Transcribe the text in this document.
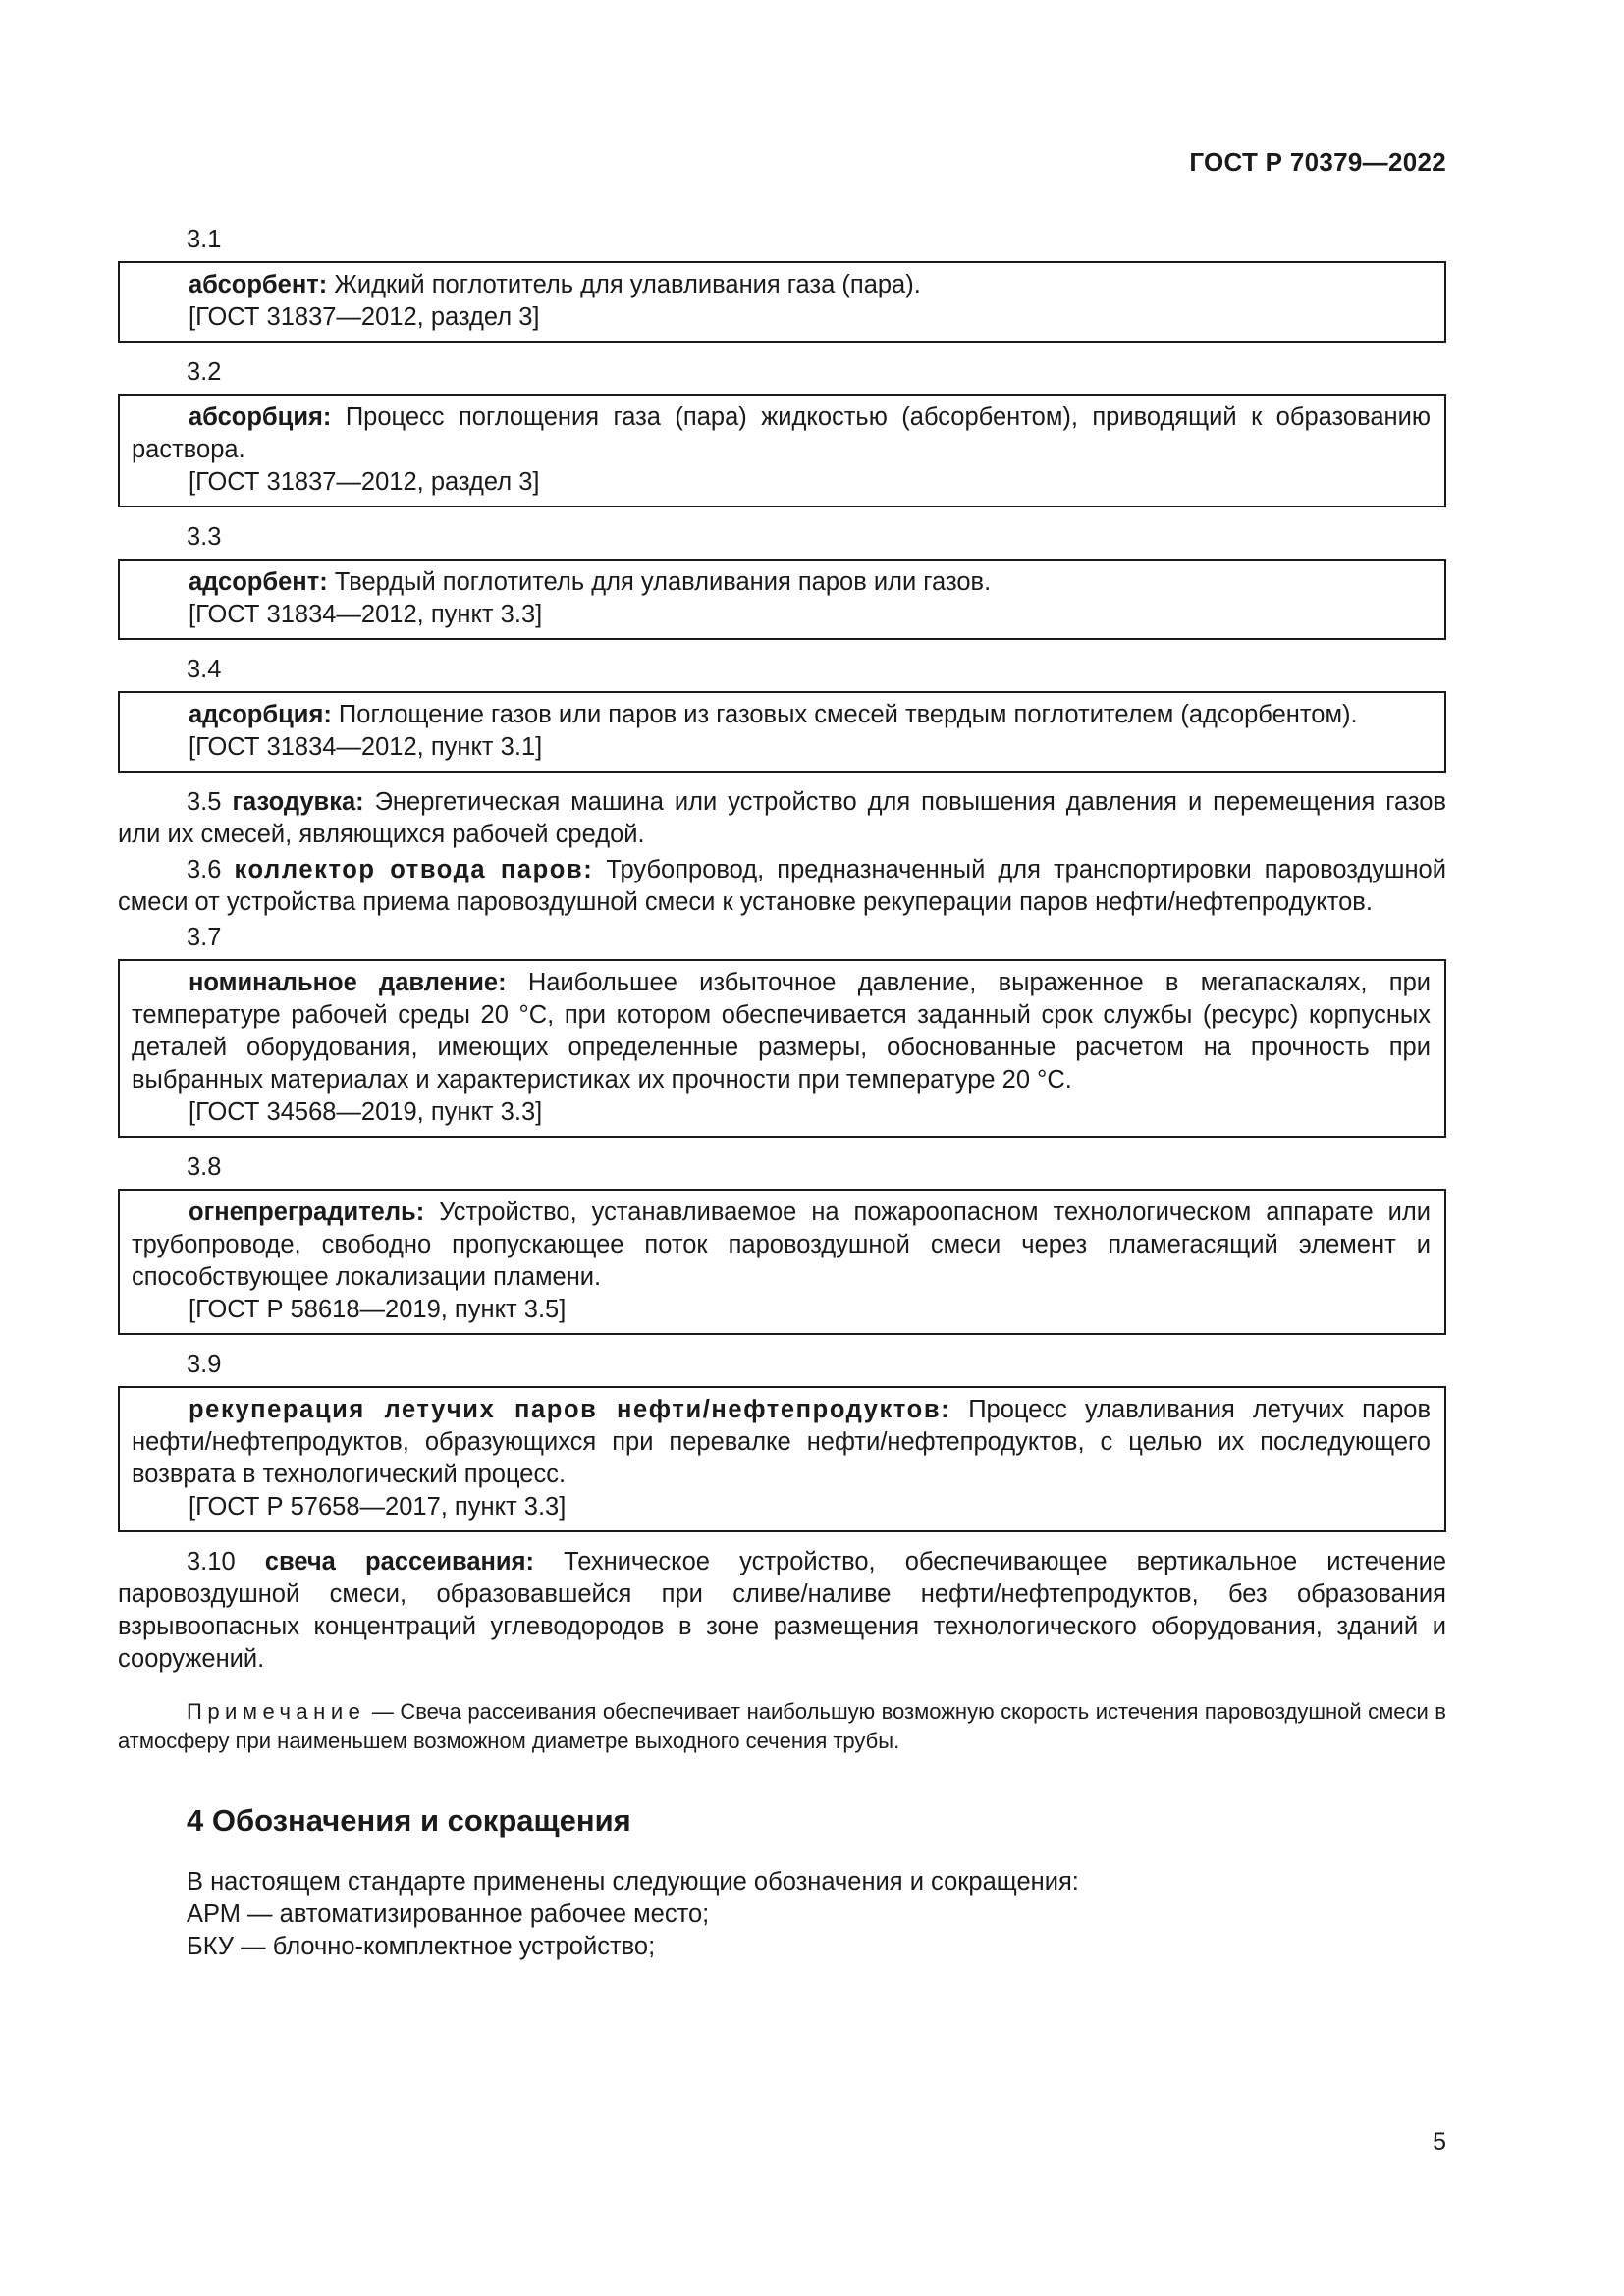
ГОСТ Р 70379—2022
3.1

абсорбент: Жидкий поглотитель для улавливания газа (пара).

[ГОСТ 31837—2012, раздел 3]

3.2

абсорбция: Процесс поглощения газа (пара) жидкостью (абсорбентом), приводящий к образованию раствора.

[ГОСТ 31837—2012, раздел 3]

3.3

адсорбент: Твердый поглотитель для улавливания паров или газов.

[ГОСТ 31834—2012, пункт 3.3]

3.4

адсорбция: Поглощение газов или паров из газовых смесей твердым поглотителем (адсорбентом).

[ГОСТ 31834—2012, пункт 3.1]

3.5 газодувка: Энергетическая машина или устройство для повышения давления и перемещения газов или их смесей, являющихся рабочей средой.

3.6 коллектор отвода паров: Трубопровод, предназначенный для транспортировки паровоздушной смеси от устройства приема паровоздушной смеси к установке рекуперации паров нефти/нефтепродуктов.

3.7

номинальное давление: Наибольшее избыточное давление, выраженное в мегапаскалях, при температуре рабочей среды 20 °С, при котором обеспечивается заданный срок службы (ресурс) корпусных деталей оборудования, имеющих определенные размеры, обоснованные расчетом на прочность при выбранных материалах и характеристиках их прочности при температуре 20 °С.

[ГОСТ 34568—2019, пункт 3.3]

3.8

огнепреградитель: Устройство, устанавливаемое на пожароопасном технологическом аппарате или трубопроводе, свободно пропускающее поток паровоздушной смеси через пламегасящий элемент и способствующее локализации пламени.

[ГОСТ Р 58618—2019, пункт 3.5]

3.9

рекуперация летучих паров нефти/нефтепродуктов: Процесс улавливания летучих паров нефти/нефтепродуктов, образующихся при перевалке нефти/нефтепродуктов, с целью их последующего возврата в технологический процесс.

[ГОСТ Р 57658—2017, пункт 3.3]

3.10 свеча рассеивания: Техническое устройство, обеспечивающее вертикальное истечение паровоздушной смеси, образовавшейся при сливе/наливе нефти/нефтепродуктов, без образования взрывоопасных концентраций углеводородов в зоне размещения технологического оборудования, зданий и сооружений.

Примечание — Свеча рассеивания обеспечивает наибольшую возможную скорость истечения паровоздушной смеси в атмосферу при наименьшем возможном диаметре выходного сечения трубы.

4 Обозначения и сокращения

В настоящем стандарте применены следующие обозначения и сокращения:

АРМ — автоматизированное рабочее место;

БКУ — блочно-комплектное устройство;

5
